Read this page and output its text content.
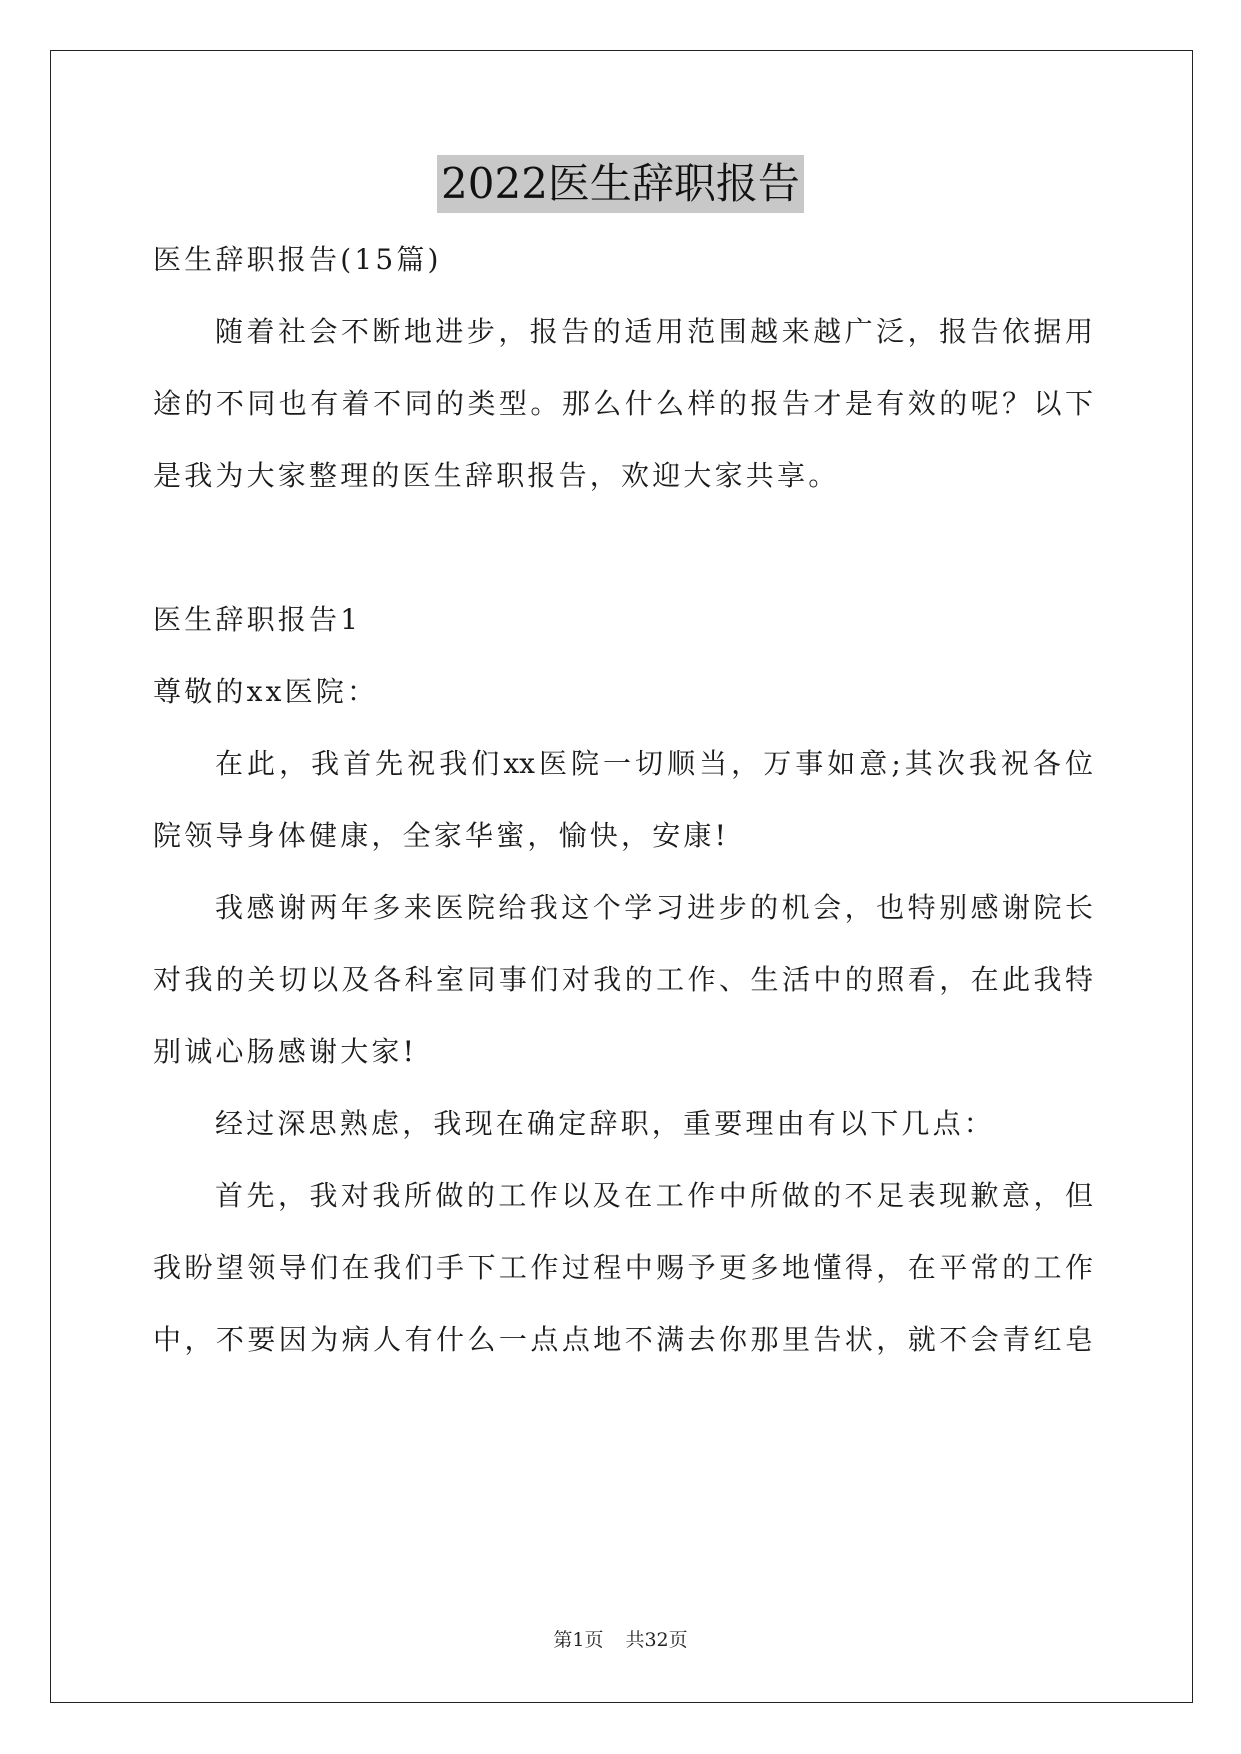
2022医生辞职报告
医生辞职报告(15篇)
随着社会不断地进步，报告的适用范围越来越广泛，报告依据用
途的不同也有着不同的类型。那么什么样的报告才是有效的呢？以下
是我为大家整理的医生辞职报告，欢迎大家共享。
医生辞职报告1
尊敬的xx医院：
在此，我首先祝我们xx医院一切顺当，万事如意;其次我祝各位
院领导身体健康，全家华蜜，愉快，安康!
我感谢两年多来医院给我这个学习进步的机会，也特别感谢院长
对我的关切以及各科室同事们对我的工作、生活中的照看，在此我特
别诚心肠感谢大家!
经过深思熟虑，我现在确定辞职，重要理由有以下几点：
首先，我对我所做的工作以及在工作中所做的不足表现歉意，但
我盼望领导们在我们手下工作过程中赐予更多地懂得，在平常的工作
中，不要因为病人有什么一点点地不满去你那里告状，就不会青红皂
第1页 共32页
